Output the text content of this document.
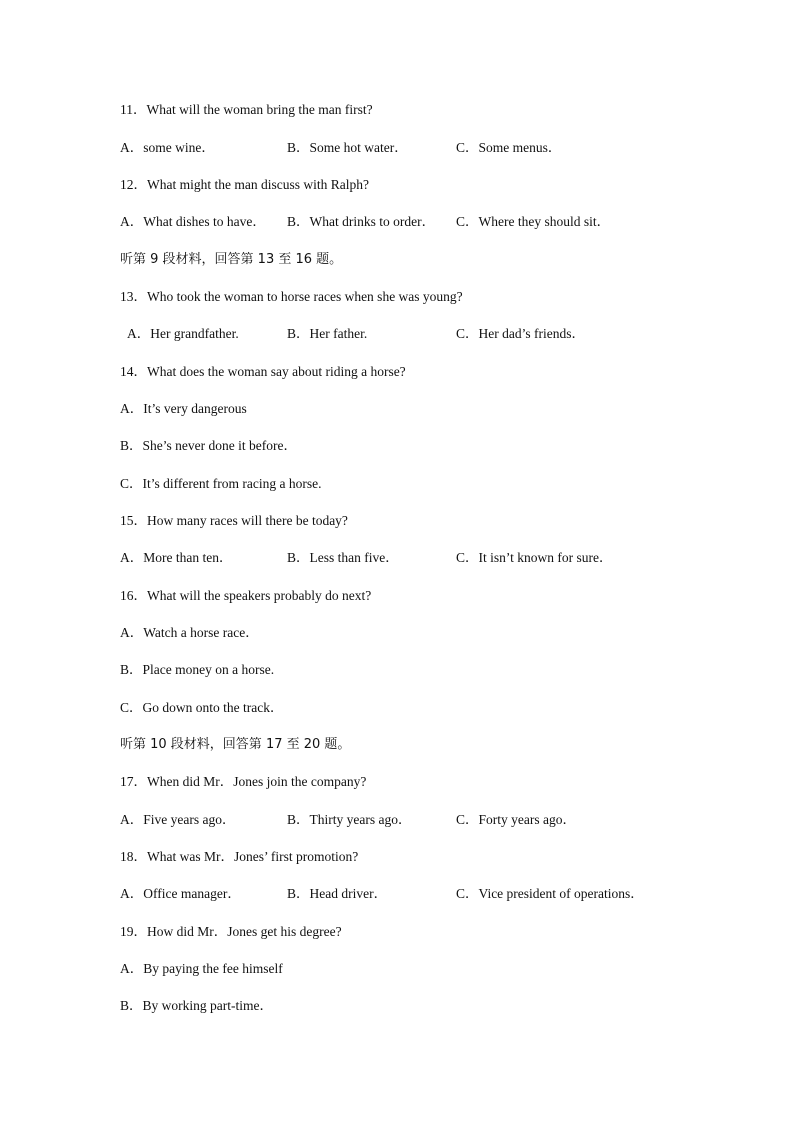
11．What will the woman bring the man first?
A．some wine．	B．Some hot water．	C．Some menus．
12．What might the man discuss with Ralph?
A．What dishes to have． B．What drinks to order． C．Where they should sit．
听第 9 段材料，回答第 13 至 16 题。
13．Who took the woman to horse races when she was young?
A．Her grandfather.	B．Her father.	C．Her dad’s friends．
14．What does the woman say about riding a horse?
A．It’s very dangerous
B．She’s never done it before．
C．It’s different from racing a horse.
15．How many races will there be today?
A．More than ten．	B．Less than five．	C．It isn’t known for sure．
16．What will the speakers probably do next?
A．Watch a horse race．
B．Place money on a horse.
C．Go down onto the track．
听第 10 段材料，回答第 17 至 20 题。
17．When did Mr．Jones join the company?
A．Five years ago．	B．Thirty years ago．	C．Forty years ago．
18．What was Mr．Jones’ first promotion?
A．Office manager．	B．Head driver．	C．Vice president of operations．
19．How did Mr．Jones get his degree?
A．By paying the fee himself
B．By working part-time．
